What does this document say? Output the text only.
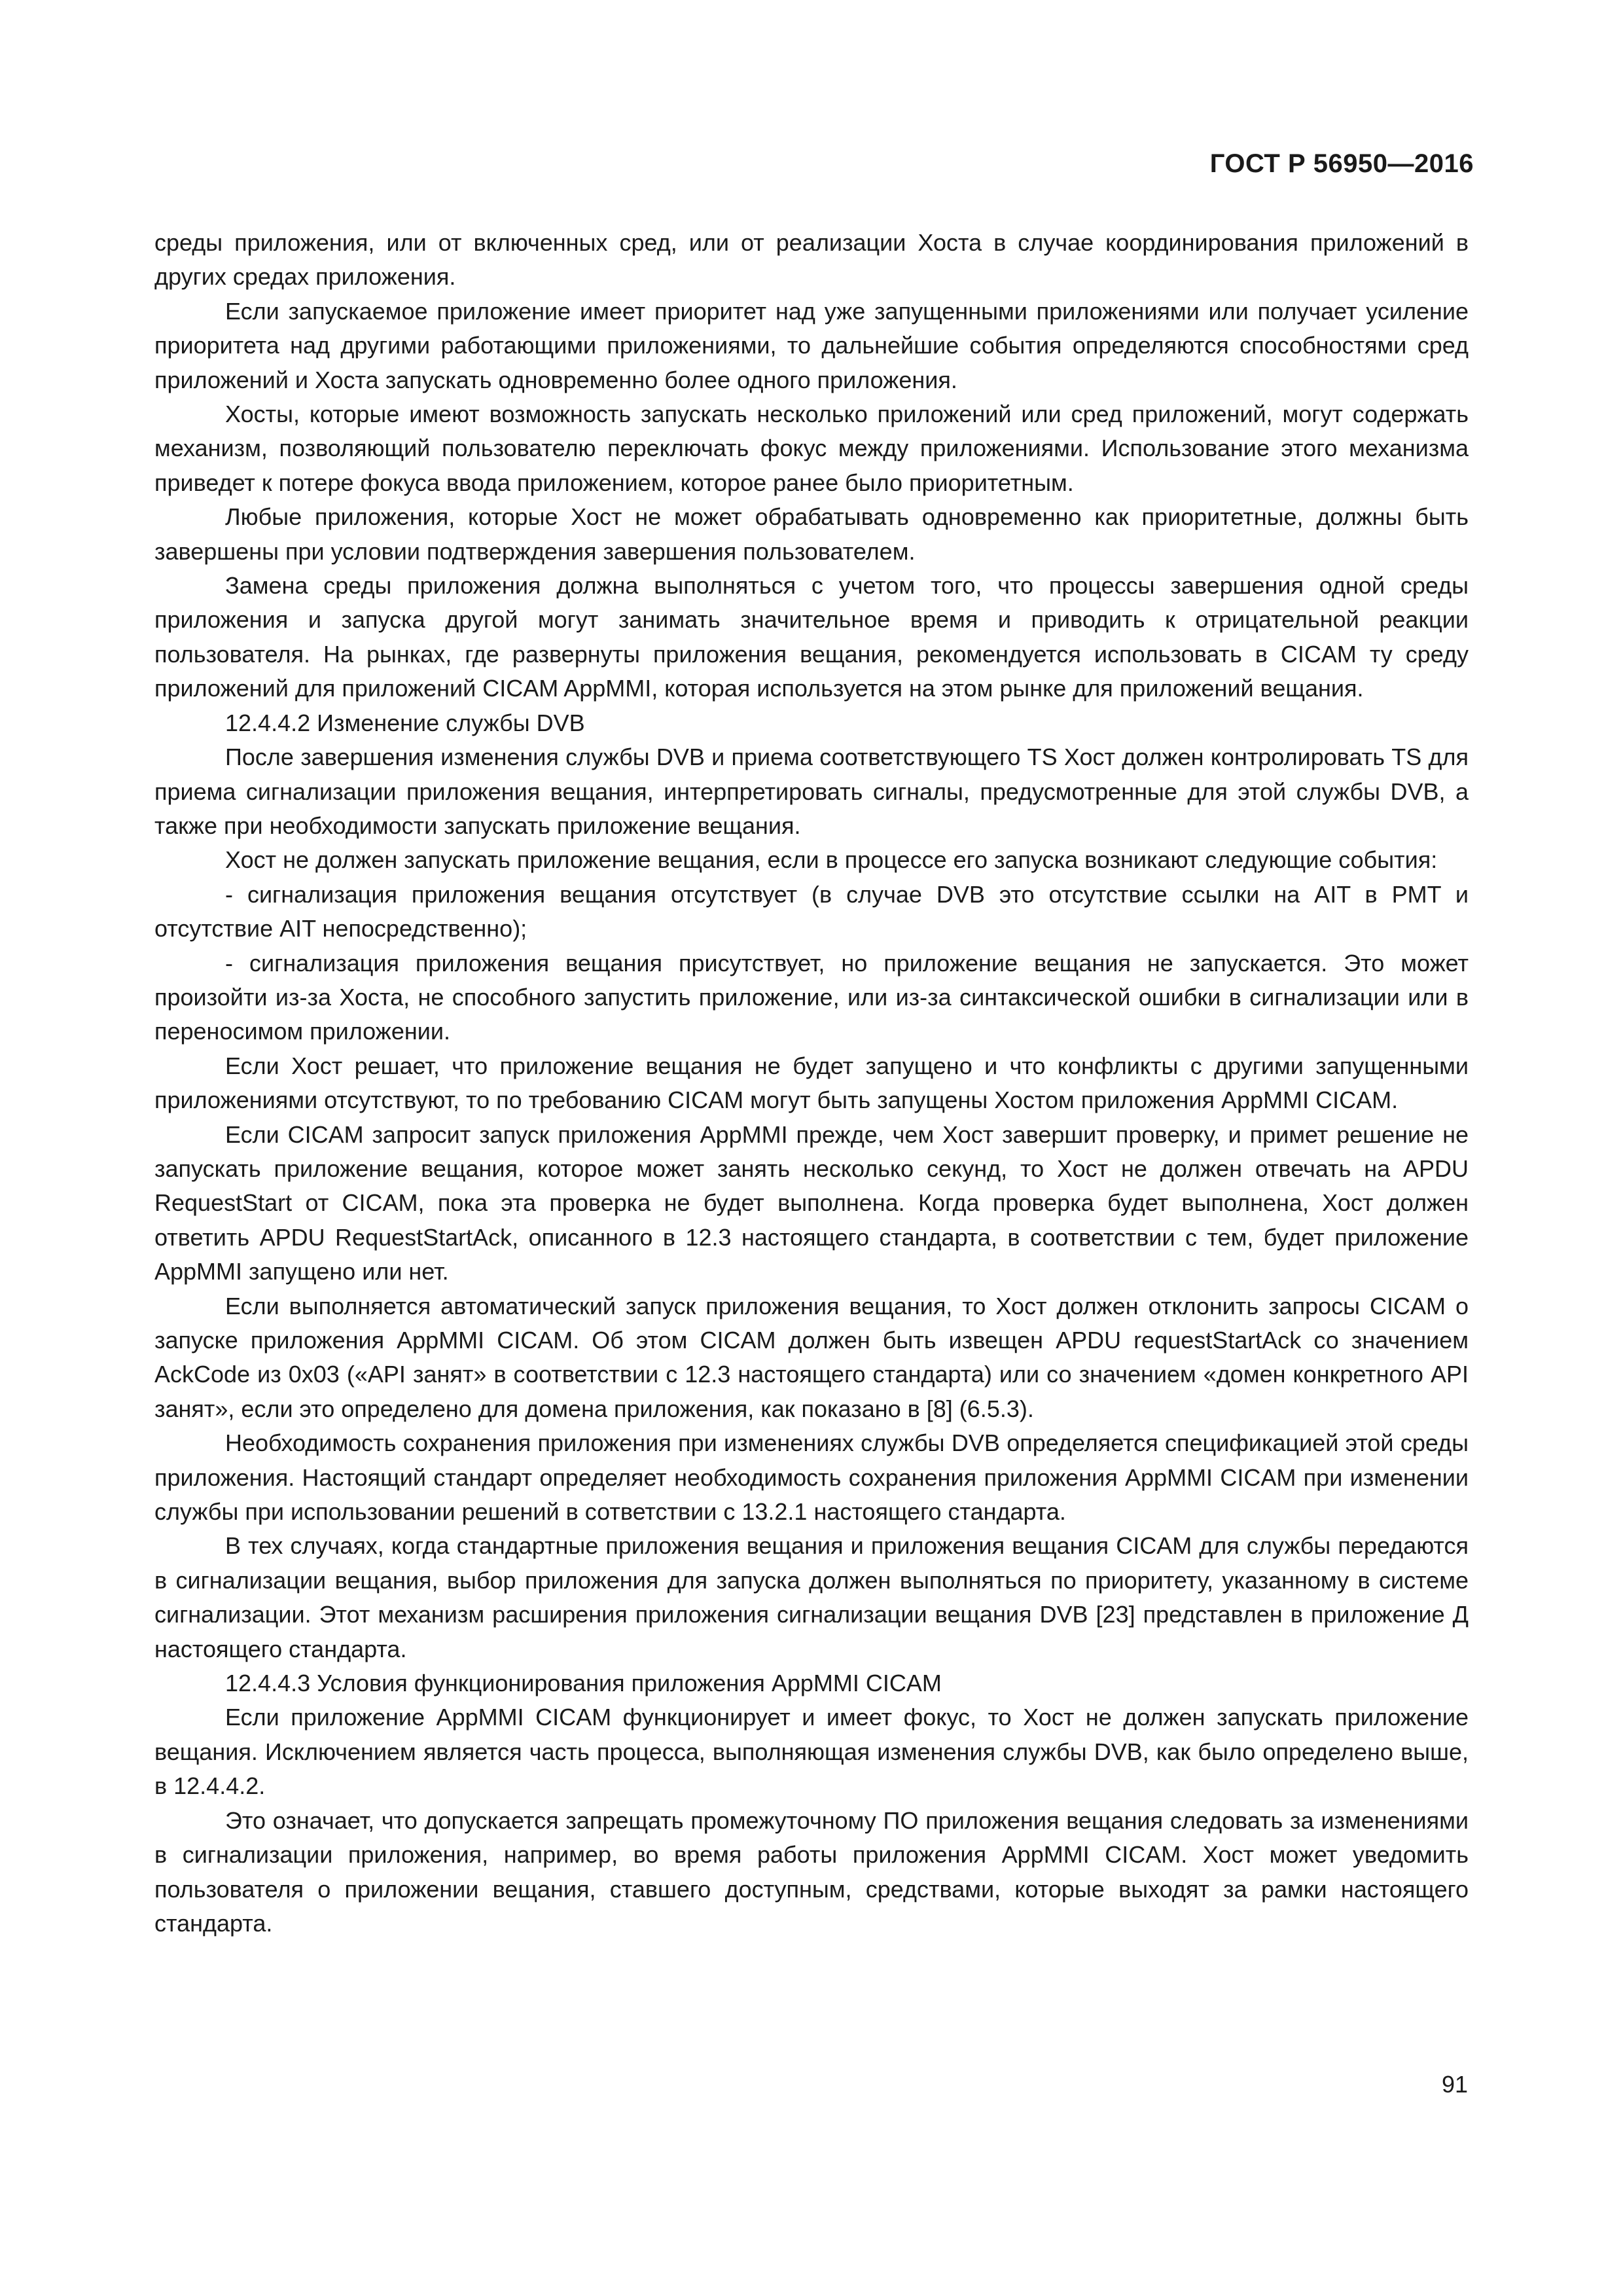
ГОСТ Р 56950—2016

среды приложения, или от включенных сред, или от реализации Хоста в случае координирования приложений в других средах приложения.

Если запускаемое приложение имеет приоритет над уже запущенными приложениями или получает усиление приоритета над другими работающими приложениями, то дальнейшие события определяются способностями сред приложений и Хоста запускать одновременно более одного приложения.

Хосты, которые имеют возможность запускать несколько приложений или сред приложений, могут содержать механизм, позволяющий пользователю переключать фокус между приложениями. Использование этого механизма приведет к потере фокуса ввода приложением, которое ранее было приоритетным.

Любые приложения, которые Хост не может обрабатывать одновременно как приоритетные, должны быть завершены при условии подтверждения завершения пользователем.

Замена среды приложения должна выполняться с учетом того, что процессы завершения одной среды приложения и запуска другой могут занимать значительное время и приводить к отрицательной реакции пользователя. На рынках, где развернуты приложения вещания, рекомендуется использовать в CICAM ту среду приложений для приложений CICAM AppMMI, которая используется на этом рынке для приложений вещания.

12.4.4.2 Изменение службы DVB

После завершения изменения службы DVB и приема соответствующего TS Хост должен контролировать TS для приема сигнализации приложения вещания, интерпретировать сигналы, предусмотренные для этой службы DVB, а также при необходимости запускать приложение вещания.

Хост не должен запускать приложение вещания, если в процессе его запуска возникают следующие события:

- сигнализация приложения вещания отсутствует (в случае DVB это отсутствие ссылки на AIT в PMT и отсутствие AIT непосредственно);

- сигнализация приложения вещания присутствует, но приложение вещания не запускается. Это может произойти из-за Хоста, не способного запустить приложение, или из-за синтаксической ошибки в сигнализации или в переносимом приложении.

Если Хост решает, что приложение вещания не будет запущено и что конфликты с другими запущенными приложениями отсутствуют, то по требованию CICAM могут быть запущены Хостом приложения AppMMI CICAM.

Если CICAM запросит запуск приложения AppMMI прежде, чем Хост завершит проверку, и примет решение не запускать приложение вещания, которое может занять несколько секунд, то Хост не должен отвечать на APDU RequestStart от CICAM, пока эта проверка не будет выполнена. Когда проверка будет выполнена, Хост должен ответить APDU RequestStartAck, описанного в 12.3 настоящего стандарта, в соответствии с тем, будет приложение AppMMI запущено или нет.

Если выполняется автоматический запуск приложения вещания, то Хост должен отклонить запросы CICAM о запуске приложения AppMMI CICAM. Об этом CICAM должен быть извещен APDU requestStartAck со значением AckCode из 0x03 («API занят» в соответствии с 12.3 настоящего стандарта) или со значением «домен конкретного API занят», если это определено для домена приложения, как показано в [8] (6.5.3).

Необходимость сохранения приложения при изменениях службы DVB определяется спецификацией этой среды приложения. Настоящий стандарт определяет необходимость сохранения приложения AppMMI CICAM при изменении службы при использовании решений в сответствии с 13.2.1 настоящего стандарта.

В тех случаях, когда стандартные приложения вещания и приложения вещания CICAM для службы передаются в сигнализации вещания, выбор приложения для запуска должен выполняться по приоритету, указанному в системе сигнализации. Этот механизм расширения приложения сигнализации вещания DVB [23] представлен в приложение Д настоящего стандарта.

12.4.4.3 Условия функционирования приложения AppMMI CICAM

Если приложение AppMMI CICAM функционирует и имеет фокус, то Хост не должен запускать приложение вещания. Исключением является часть процесса, выполняющая изменения службы DVB, как было определено выше, в 12.4.4.2.

Это означает, что допускается запрещать промежуточному ПО приложения вещания следовать за изменениями в сигнализации приложения, например, во время работы приложения AppMMI CICAM. Хост может уведомить пользователя о приложении вещания, ставшего доступным, средствами, которые выходят за рамки настоящего стандарта.

91
